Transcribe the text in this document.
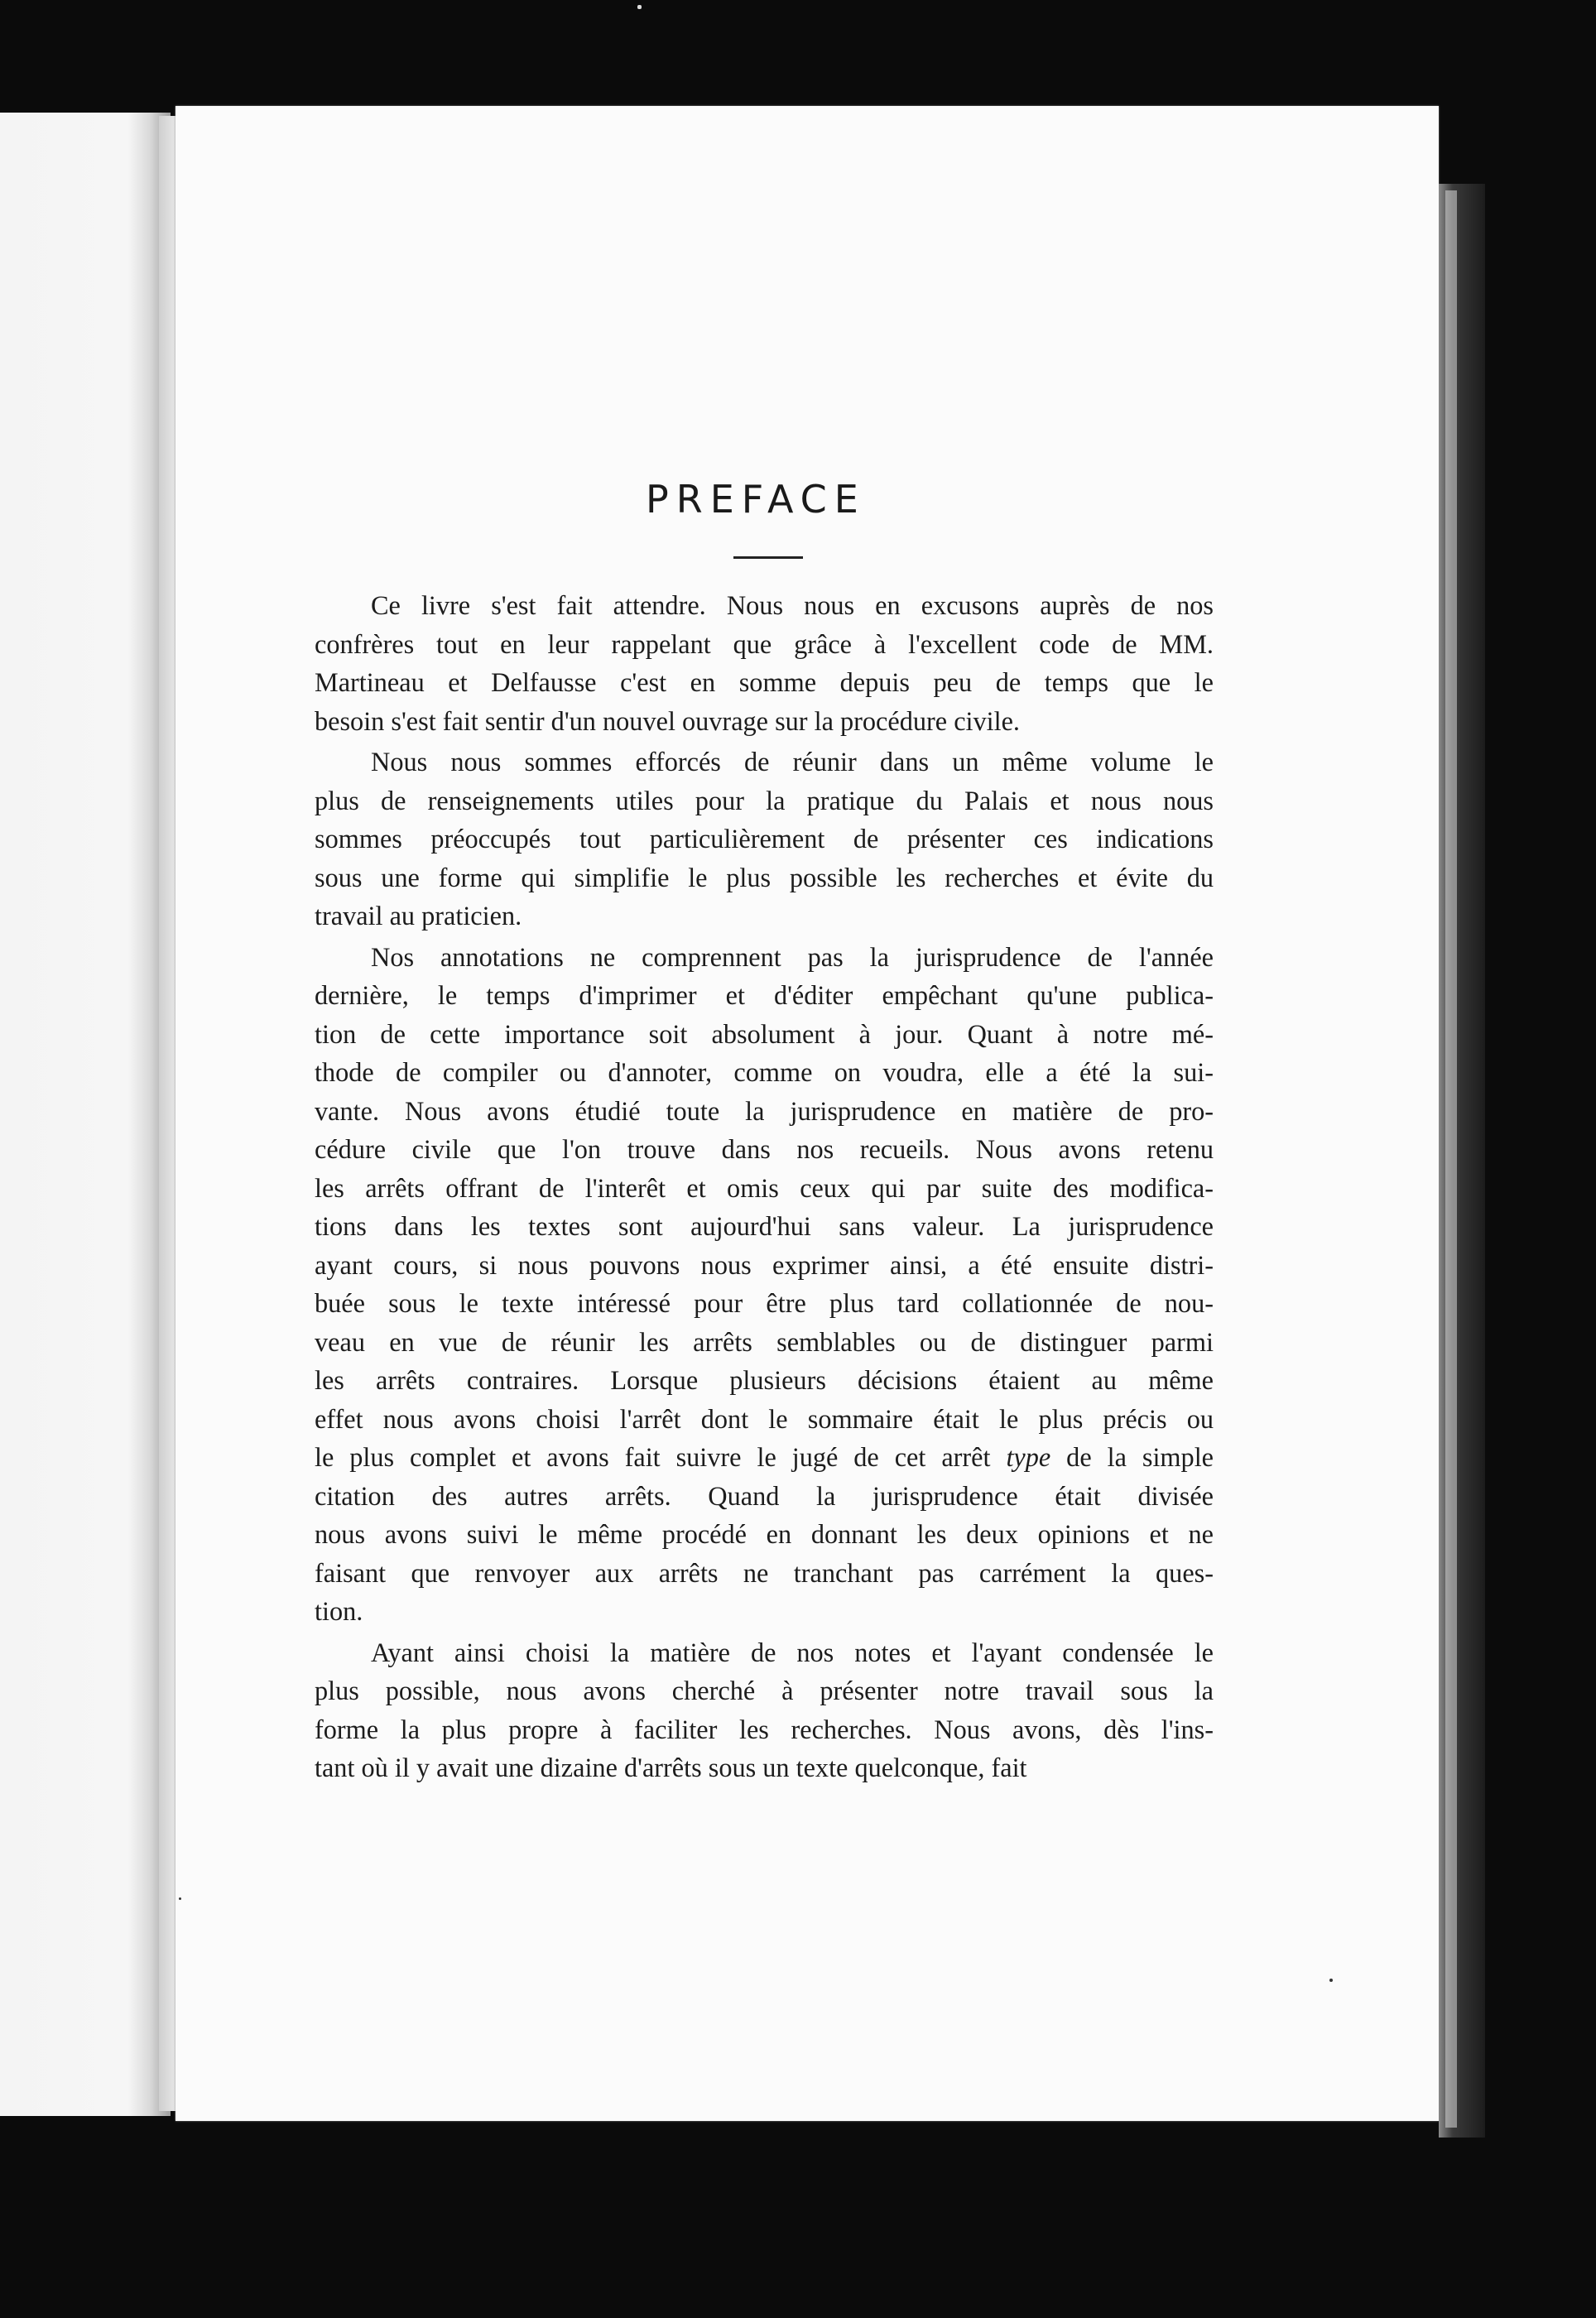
PREFACE

Ce livre s'est fait attendre. Nous nous en excusons auprès de nos
confrères tout en leur rappelant que grâce à l'excellent code de MM.
Martineau et Delfausse c'est en somme depuis peu de temps que le
besoin s'est fait sentir d'un nouvel ouvrage sur la procédure civile.

Nous nous sommes efforcés de réunir dans un même volume le
plus de renseignements utiles pour la pratique du Palais et nous nous
sommes préoccupés tout particulièrement de présenter ces indications
sous une forme qui simplifie le plus possible les recherches et évite du
travail au praticien.

Nos annotations ne comprennent pas la jurisprudence de l'année
dernière, le temps d'imprimer et d'éditer empêchant qu'une publica-
tion de cette importance soit absolument à jour. Quant à notre mé-
thode de compiler ou d'annoter, comme on voudra, elle a été la sui-
vante. Nous avons étudié toute la jurisprudence en matière de pro-
cédure civile que l'on trouve dans nos recueils. Nous avons retenu
les arrêts offrant de l'interêt et omis ceux qui par suite des modifica-
tions dans les textes sont aujourd'hui sans valeur. La jurisprudence
ayant cours, si nous pouvons nous exprimer ainsi, a été ensuite distri-
buée sous le texte intéressé pour être plus tard collationnée de nou-
veau en vue de réunir les arrêts semblables ou de distinguer parmi
les arrêts contraires. Lorsque plusieurs décisions étaient au même
effet nous avons choisi l'arrêt dont le sommaire était le plus précis ou
le plus complet et avons fait suivre le jugé de cet arrêt type de la simple
citation des autres arrêts. Quand la jurisprudence était divisée
nous avons suivi le même procédé en donnant les deux opinions et ne
faisant que renvoyer aux arrêts ne tranchant pas carrément la ques-
tion.

Ayant ainsi choisi la matière de nos notes et l'ayant condensée le
plus possible, nous avons cherché à présenter notre travail sous la
forme la plus propre à faciliter les recherches. Nous avons, dès l'ins-
tant où il y avait une dizaine d'arrêts sous un texte quelconque, fait
